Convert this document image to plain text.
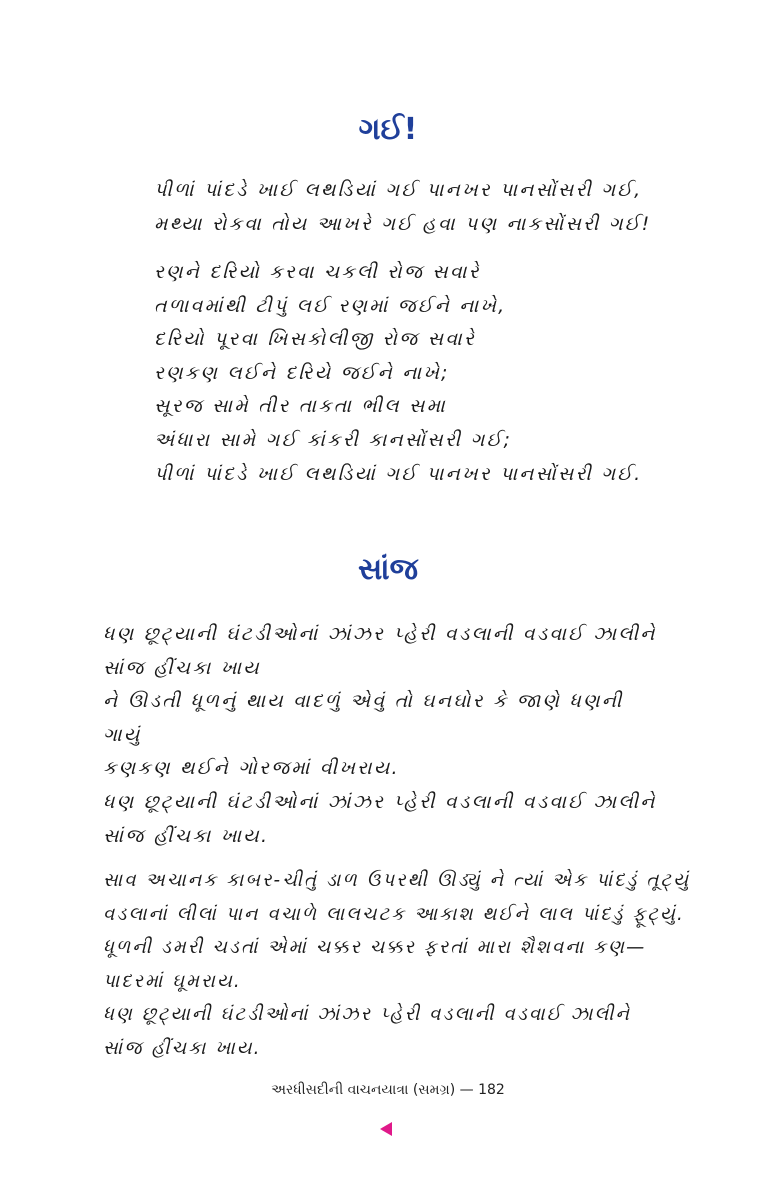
ગઈ!
પીળાં પાંદડે ખાઈ લથડિયાં ગઈ પાનખર પાનસોંસરી ગઈ,
મથ્યા રોકવા તોય આખરે ગઈ હવા પણ નાકસોંસરી ગઈ!
રણને દરિયો કરવા ચકલી રોજ સવારે
તળાવમાંથી ટીપું લઈ રણમાં જઈને નાખે,
દરિયો પૂરવા ખિસકોલીજી રોજ સવારે
રણકણ લઈને દરિયે જઈને નાખે;
સૂરજ સામે તીર તાકતા ભીલ સમા
અંધારા સામે ગઈ કાંકરી કાનસોંસરી ગઈ;
પીળાં પાંદડે ખાઈ લથડિયાં ગઈ પાનખર પાનસોંસરી ગઈ.
સાંજ
ધણ છૂટ્યાની ઘંટડીઓનાં ઝાંઝર પ્હેરી વડલાની વડવાઈ ઝાલીને
સાંજ હીંચકા ખાય
ને ઊડતી ધૂળનું થાય વાદળું એવું તો ઘનઘોર કે જાણે ધણની
ગાયું
કણકણ થઈને ગોરજમાં વીખરાય.
ધણ છૂટ્યાની ઘંટડીઓનાં ઝાંઝર પ્હેરી વડલાની વડવાઈ ઝાલીને
સાંજ હીંચકા ખાય.
સાવ અચાનક કાબર-ચીતું ડાળ ઉપરથી ઊડ્યું ને ત્યાં એક પાંદડું તૂટ્યું
વડલાનાં લીલાં પાન વચાળે લાલચટક આકાશ થઈને લાલ પાંદડું ફૂટ્યું.
ધૂળની ડમરી ચડતાં એમાં ચક્કર ચક્કર ફરતાં મારા શૈશવના કણ—
પાદરમાં ઘૂમરાય.
ધણ છૂટ્યાની ઘંટડીઓનાં ઝાંઝર પ્હેરી વડલાની વડવાઈ ઝાલીને
સાંજ હીંચકા ખાય.
અરધીસદીની વાચનયાત્રા (સમગ્ર) — 182
